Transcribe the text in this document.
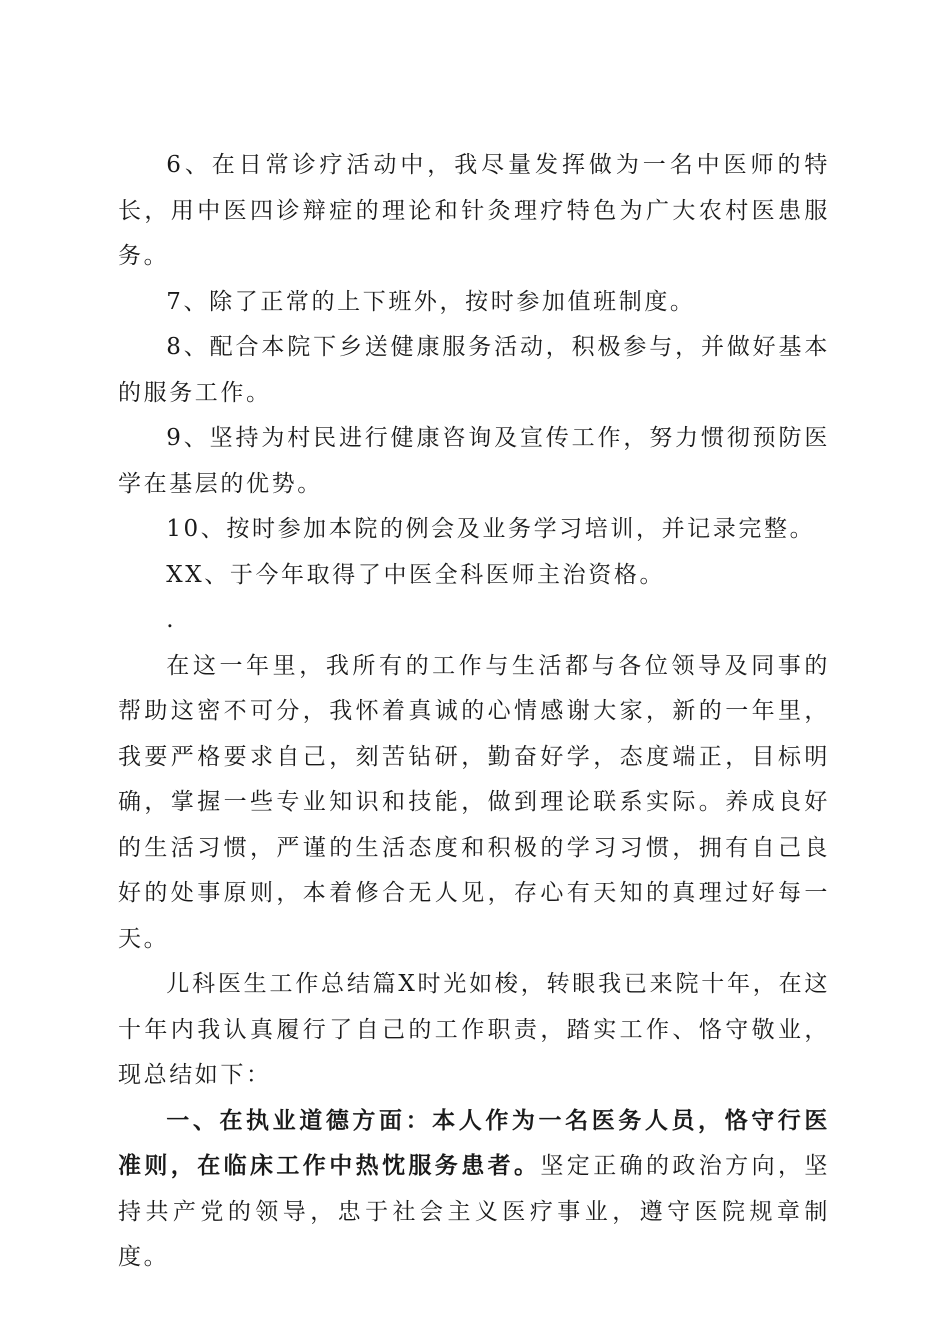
6、在日常诊疗活动中，我尽量发挥做为一名中医师的特长，用中医四诊辩症的理论和针灸理疗特色为广大农村医患服务。

7、除了正常的上下班外，按时参加值班制度。

8、配合本院下乡送健康服务活动，积极参与，并做好基本的服务工作。

9、坚持为村民进行健康咨询及宣传工作，努力惯彻预防医学在基层的优势。

10、按时参加本院的例会及业务学习培训，并记录完整。

XX、于今年取得了中医全科医师主治资格。

.

在这一年里，我所有的工作与生活都与各位领导及同事的帮助这密不可分，我怀着真诚的心情感谢大家，新的一年里，我要严格要求自己，刻苦钻研，勤奋好学，态度端正，目标明确，掌握一些专业知识和技能，做到理论联系实际。养成良好的生活习惯，严谨的生活态度和积极的学习习惯，拥有自己良好的处事原则，本着修合无人见，存心有天知的真理过好每一天。

儿科医生工作总结篇X时光如梭，转眼我已来院十年，在这十年内我认真履行了自己的工作职责，踏实工作、恪守敬业，现总结如下：

一、在执业道德方面：本人作为一名医务人员，恪守行医准则，在临床工作中热忱服务患者。坚定正确的政治方向，坚持共产党的领导，忠于社会主义医疗事业，遵守医院规章制度。
